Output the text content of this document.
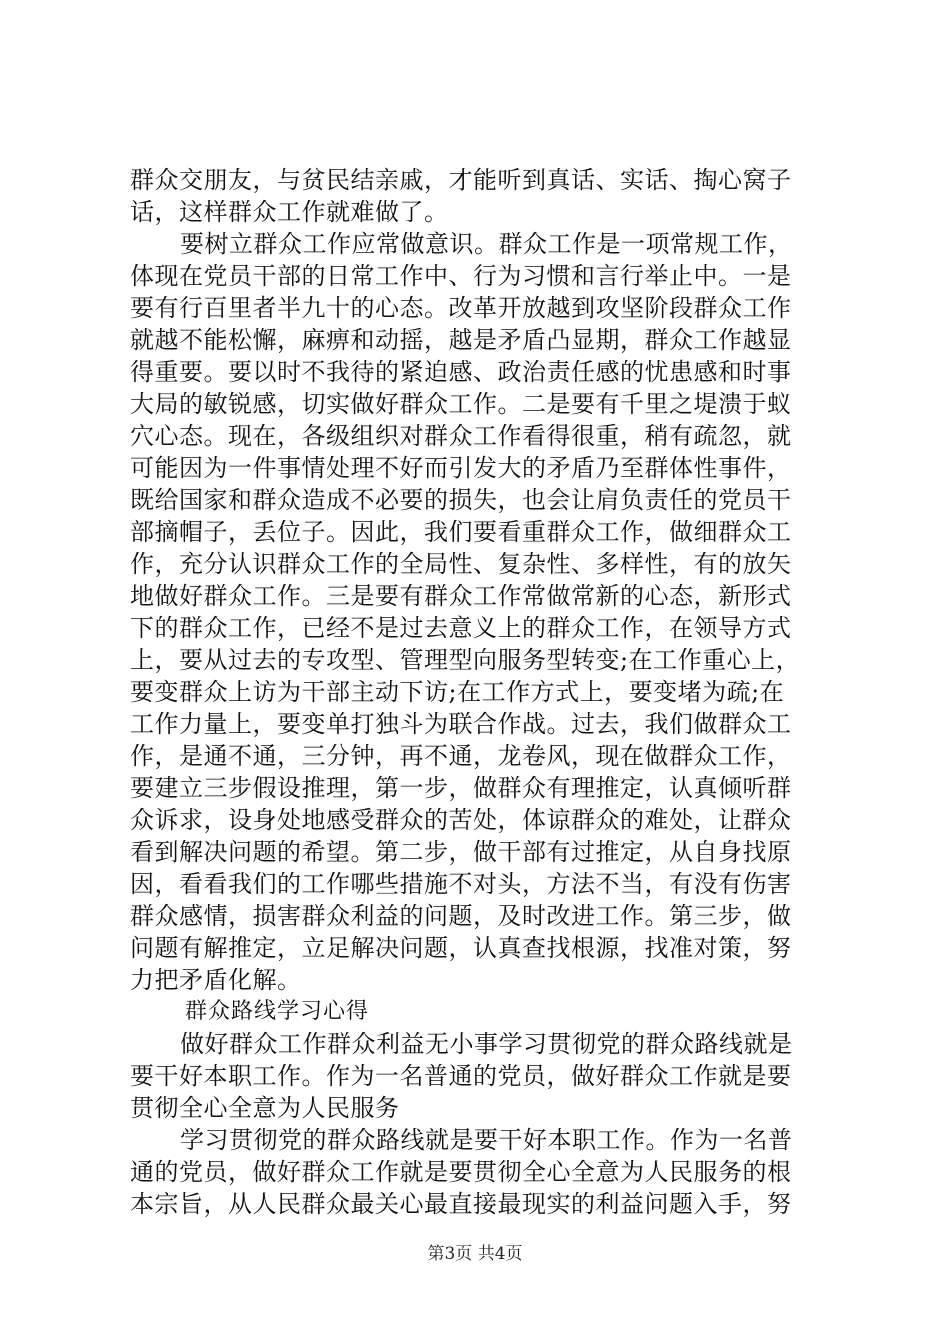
群众交朋友，与贫民结亲戚，才能听到真话、实话、掏心窝子
话，这样群众工作就难做了。
要树立群众工作应常做意识。群众工作是一项常规工作，
体现在党员干部的日常工作中、行为习惯和言行举止中。一是
要有行百里者半九十的心态。改革开放越到攻坚阶段群众工作
就越不能松懈，麻痹和动摇，越是矛盾凸显期，群众工作越显
得重要。要以时不我待的紧迫感、政治责任感的忧患感和时事
大局的敏锐感，切实做好群众工作。二是要有千里之堤溃于蚁
穴心态。现在，各级组织对群众工作看得很重，稍有疏忽，就
可能因为一件事情处理不好而引发大的矛盾乃至群体性事件，
既给国家和群众造成不必要的损失，也会让肩负责任的党员干
部摘帽子，丢位子。因此，我们要看重群众工作，做细群众工
作，充分认识群众工作的全局性、复杂性、多样性，有的放矢
地做好群众工作。三是要有群众工作常做常新的心态，新形式
下的群众工作，已经不是过去意义上的群众工作，在领导方式
上，要从过去的专攻型、管理型向服务型转变;在工作重心上，
要变群众上访为干部主动下访;在工作方式上，要变堵为疏;在
工作力量上，要变单打独斗为联合作战。过去，我们做群众工
作，是通不通，三分钟，再不通，龙卷风，现在做群众工作，
要建立三步假设推理，第一步，做群众有理推定，认真倾听群
众诉求，设身处地感受群众的苦处，体谅群众的难处，让群众
看到解决问题的希望。第二步，做干部有过推定，从自身找原
因，看看我们的工作哪些措施不对头，方法不当，有没有伤害
群众感情，损害群众利益的问题，及时改进工作。第三步，做
问题有解推定，立足解决问题，认真查找根源，找准对策，努
力把矛盾化解。
群众路线学习心得
做好群众工作群众利益无小事学习贯彻党的群众路线就是
要干好本职工作。作为一名普通的党员，做好群众工作就是要
贯彻全心全意为人民服务
学习贯彻党的群众路线就是要干好本职工作。作为一名普
通的党员，做好群众工作就是要贯彻全心全意为人民服务的根
本宗旨，从人民群众最关心最直接最现实的利益问题入手，努
第3页 共4页
